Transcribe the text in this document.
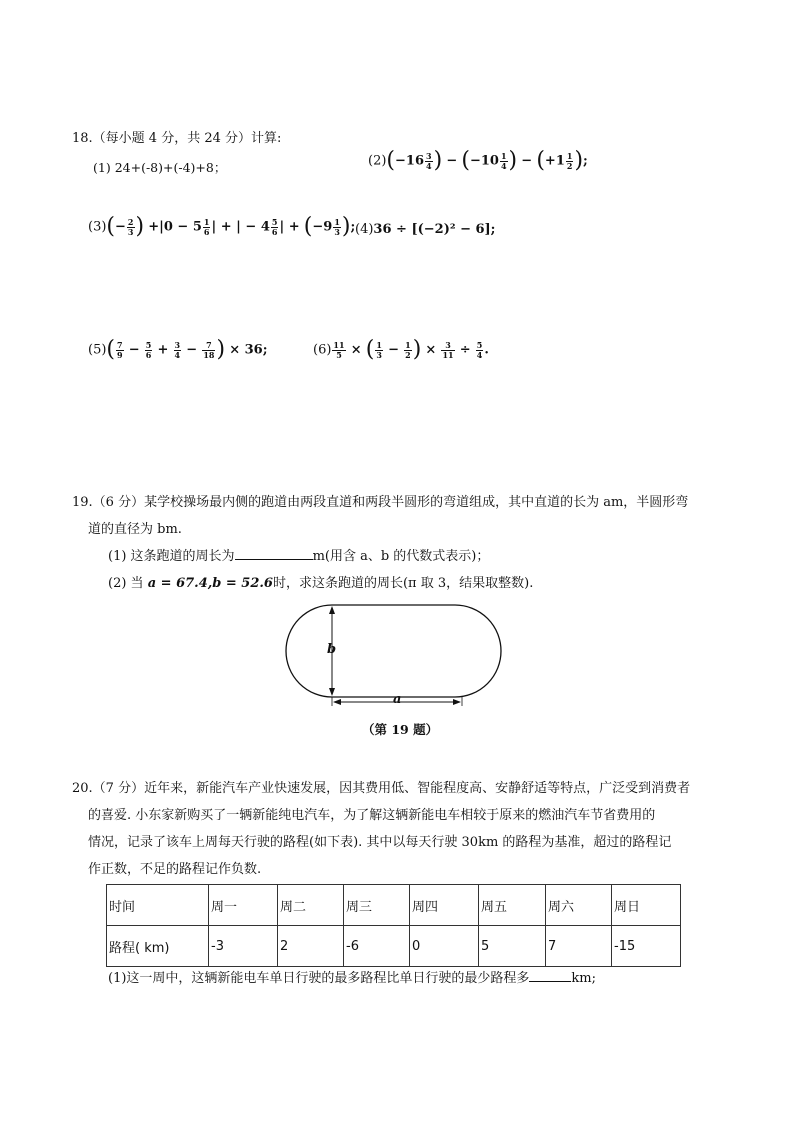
18.（每小题 4 分，共 24 分）计算:
(1) 24+(-8)+(-4)+8；	$(2)(-16 \frac{3}{4}$ ) − ($-10 \frac{1}{4}$ ) − ($+1 \frac{1}{2}$ );
$(3)(- \frac{2}{3}$ ) $+|0 - 5 \frac{1}{6}$ | + | − $4 \frac{5}{6}$ | + ($-9 \frac{1}{3}$ ); (4)36 ÷ [(−2)² − 6];
$(5)( \frac{7}{9} - \frac{5}{6} + \frac{3}{4} - \frac{7}{18}$ ) × 36;	$(6) \frac{11}{5}$ × ( $\frac{1}{3} - \frac{1}{2}$ ) × $\frac{3}{11} \div \frac{5}{4}$ .
19.（6 分）某学校操场最内侧的跑道由两段直道和两段半圆形的弯道组成，其中直道的长为 am，半圆形弯
道的直径为 bm.
(1) 这条跑道的周长为	m(用含 a、b 的代数式表示)；
(2) 当 a = 67.4,b = 52.6时，求这条跑道的周长(π 取 3，结果取整数).
b
a
（第 19 题）
20.（7 分）近年来，新能汽车产业快速发展，因其费用低、智能程度高、安静舒适等特点，广泛受到消费者
的喜爱. 小东家新购买了一辆新能纯电汽车，为了解这辆新能电车相较于原来的燃油汽车节省费用的
情况，记录了该车上周每天行驶的路程(如下表). 其中以每天行驶 30km 的路程为基准，超过的路程记
作正数，不足的路程记作负数.
时间	周一	周二	周三	周四	周五	周六	周日
路程( km)	-3	2	-6	0	5	7	-15
(1)这一周中，这辆新能电车单日行驶的最多路程比单日行驶的最少路程多	km;
